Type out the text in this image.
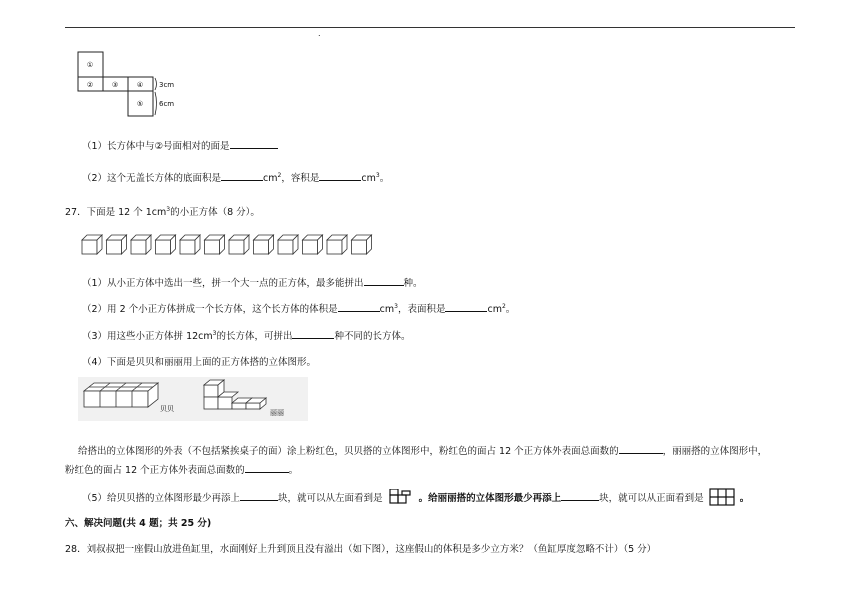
.
①
②	③	④
⑤
3cm
6cm
（1）长方体中与②号面相对的面是
（2）这个无盖长方体的底面积是	$cm^2$，容积是	$cm^3$。
27．下面是 12 个 $1cm^3$的小正方体（8 分）。
（1）从小正方体中选出一些，拼一个大一点的正方体，最多能拼出	种。
（2）用 2 个小正方体拼成一个长方体，这个长方体的体积是	$cm^3$，表面积是	$cm^2$。
（3）用这些小正方体拼 $12cm^3$的长方体，可拼出	种不同的长方体。
（4）下面是贝贝和丽丽用上面的正方体搭的立体图形。
贝贝	丽丽
给搭出的立体图形的外表（不包括紧挨桌子的面）涂上粉红色，贝贝搭的立体图形中，粉红色的面占 12 个正方体外表面总面数的	，丽丽搭的立体图形中，
粉红色的面占 12 个正方体外表面总面数的	。
（5）给贝贝搭的立体图形最少再添上	块，就可以从左面看到是	。给丽丽搭的立体图形最少再添上	块，就可以从正面看到是	。
六、解决问题(共 4 题；共 25 分)
28．刘叔叔把一座假山放进鱼缸里，水面刚好上升到顶且没有溢出（如下图），这座假山的体积是多少立方米？（鱼缸厚度忽略不计）（5 分）
